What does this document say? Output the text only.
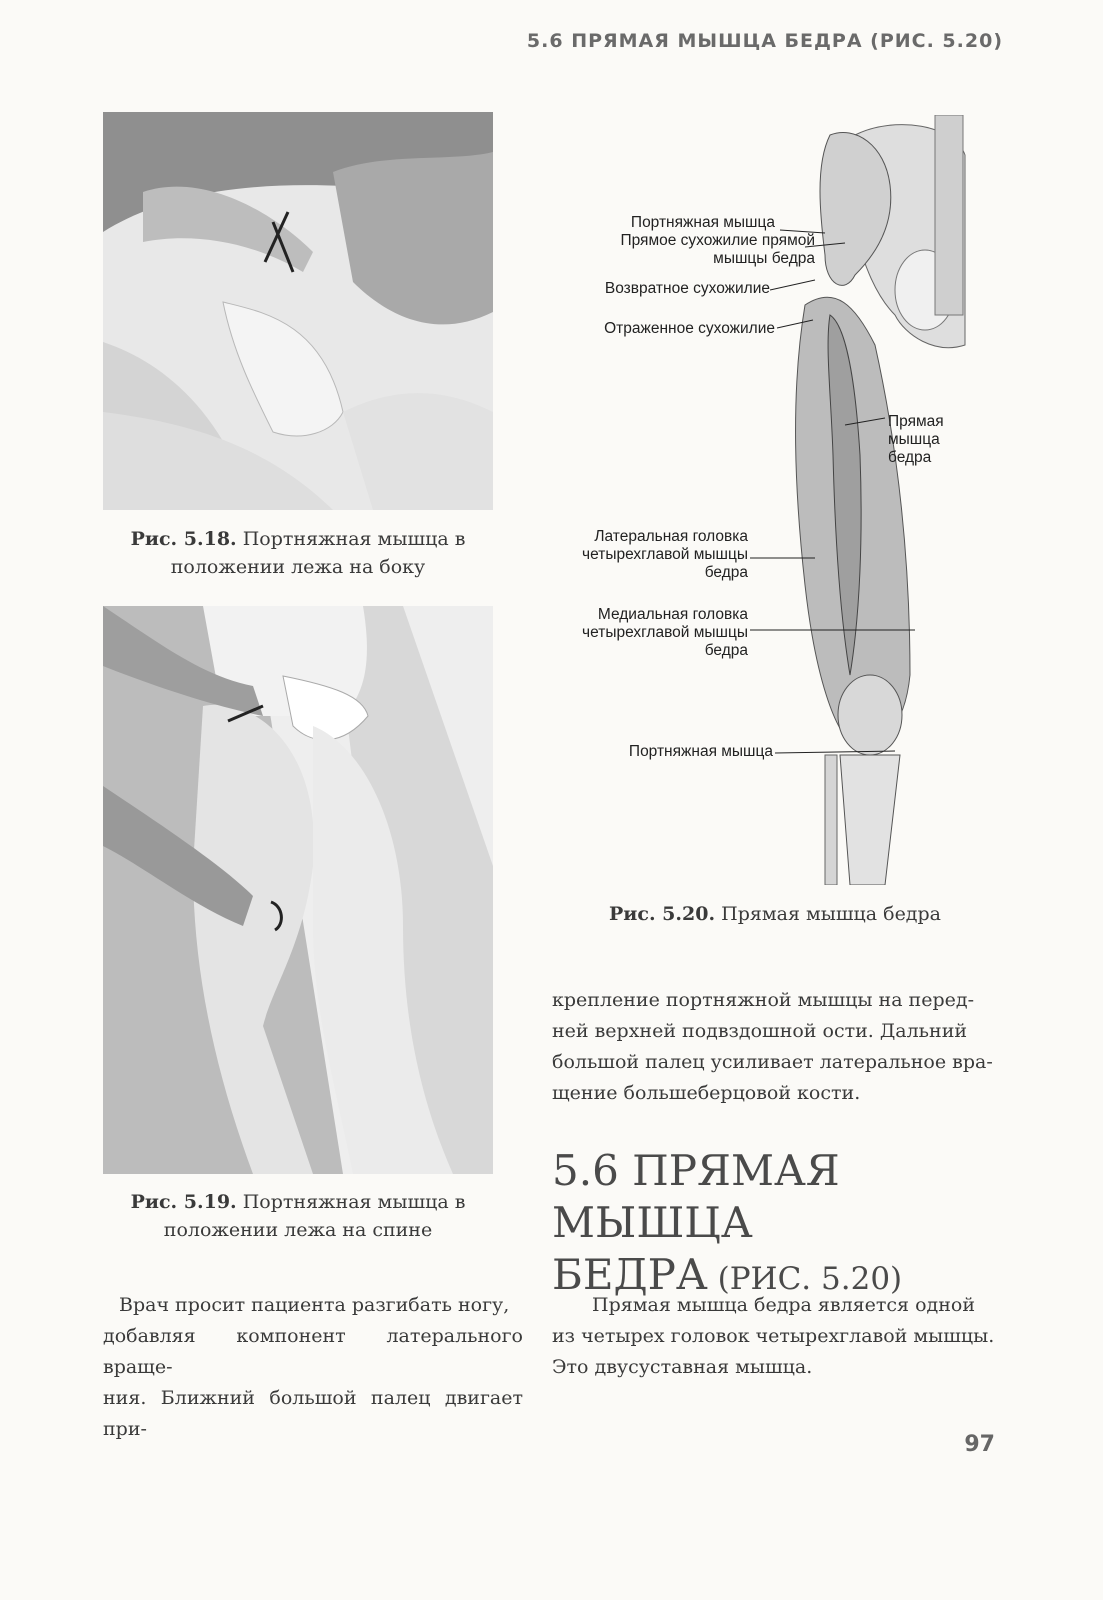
5.6 ПРЯМАЯ МЫШЦА БЕДРА (РИС. 5.20)
Рис. 5.18. Портняжная мышца в
положении лежа на боку
Рис. 5.19. Портняжная мышца в
положении лежа на спине
Портняжная мышца
Прямое сухожилие прямой
мышцы бедра
Возвратное сухожилие
Отраженное сухожилие
Прямая
мышца
бедра
Латеральная головка
четырехглавой мышцы
бедра
Медиальная головка
четырехглавой мышцы
бедра
Портняжная мышца
Рис. 5.20. Прямая мышца бедра
крепление портняжной мышцы на перед-
ней верхней подвздошной ости. Дальний
большой палец усиливает латеральное вра-
щение большеберцовой кости.
5.6 ПРЯМАЯ МЫШЦА
БЕДРА (РИС. 5.20)
Врач просит пациента разгибать ногу,
добавляя компонент латерального враще-
ния. Ближний большой палец двигает при-
Прямая мышца бедра является одной
из четырех головок четырехглавой мышцы.
Это двусуставная мышца.
97
